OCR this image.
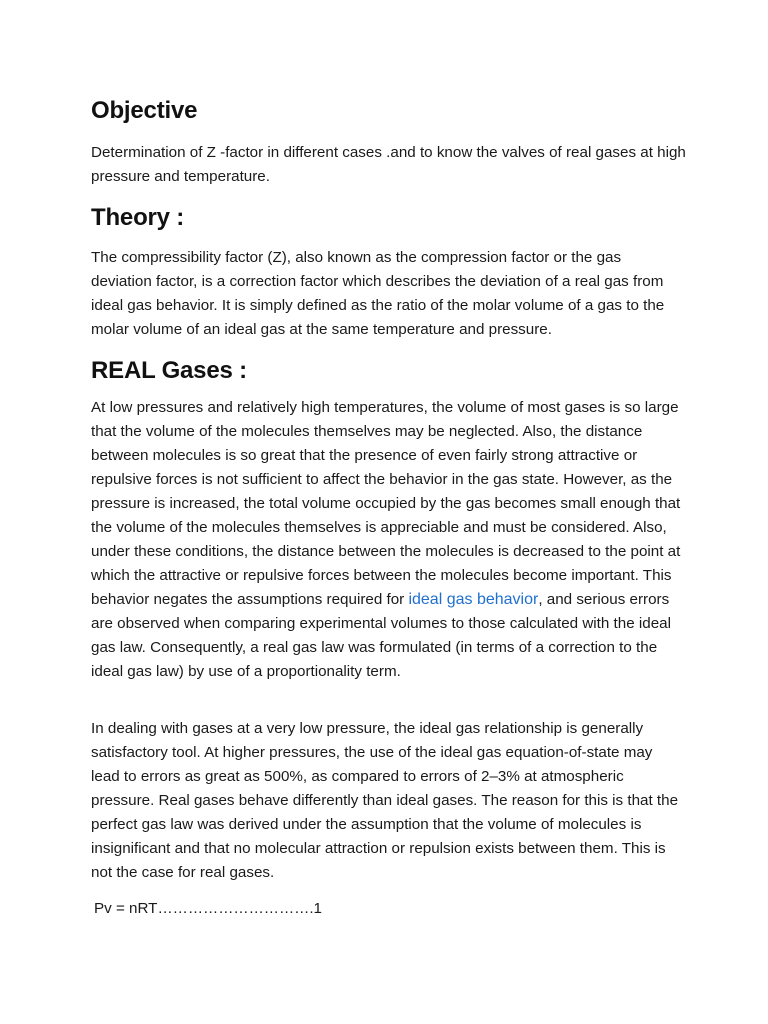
Objective

Determination of Z -factor in different cases .and to know the valves of real gases at high pressure and temperature.

Theory :

The compressibility factor (Z), also known as the compression factor or the gas deviation factor, is a correction factor which describes the deviation of a real gas from ideal gas behavior. It is simply defined as the ratio of the molar volume of a gas to the molar volume of an ideal gas at the same temperature and pressure.

REAL Gases :

At low pressures and relatively high temperatures, the volume of most gases is so large that the volume of the molecules themselves may be neglected. Also, the distance between molecules is so great that the presence of even fairly strong attractive or repulsive forces is not sufficient to affect the behavior in the gas state. However, as the pressure is increased, the total volume occupied by the gas becomes small enough that the volume of the molecules themselves is appreciable and must be considered. Also, under these conditions, the distance between the molecules is decreased to the point at which the attractive or repulsive forces between the molecules become important. This behavior negates the assumptions required for ideal gas behavior, and serious errors are observed when comparing experimental volumes to those calculated with the ideal gas law. Consequently, a real gas law was formulated (in terms of a correction to the ideal gas law) by use of a proportionality term.

In dealing with gases at a very low pressure, the ideal gas relationship is generally satisfactory tool. At higher pressures, the use of the ideal gas equation-of-state may lead to errors as great as 500%, as compared to errors of 2–3% at atmospheric pressure. Real gases behave differently than ideal gases. The reason for this is that the perfect gas law was derived under the assumption that the volume of molecules is insignificant and that no molecular attraction or repulsion exists between them. This is not the case for real gases.

Pv = nRT………………………….1
